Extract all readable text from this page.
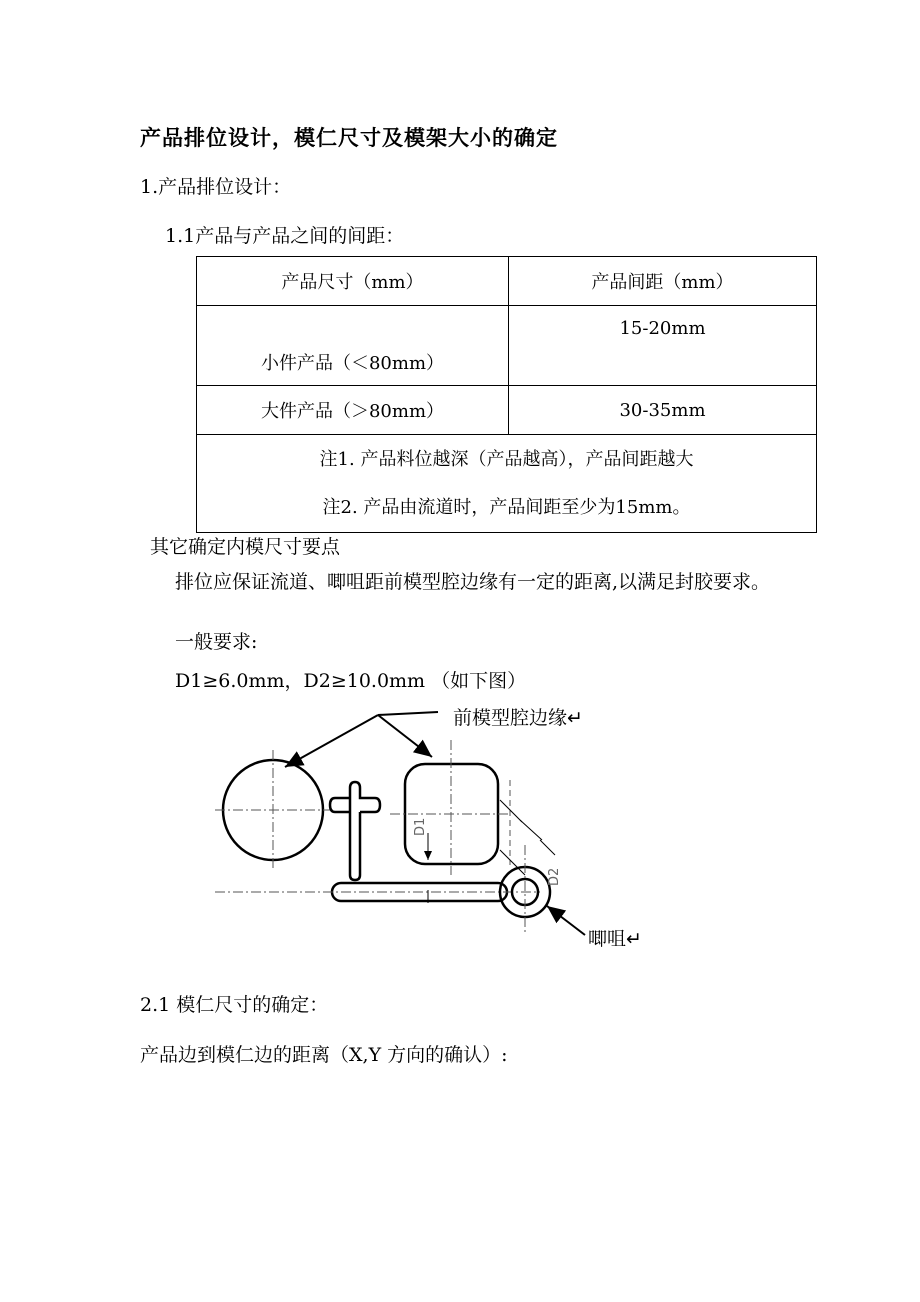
产品排位设计，模仁尺寸及模架大小的确定
1.产品排位设计：
1.1产品与产品之间的间距：
产品尺寸（mm）	产品间距（mm）
小件产品（＜80mm）	15-20mm
大件产品（＞80mm）	30-35mm

注1. 产品料位越深（产品越高），产品间距越大
注2. 产品由流道时，产品间距至少为15mm。	
其它确定内模尺寸要点
排位应保证流道、唧咀距前模型腔边缘有一定的距离,以满足封胶要求。
一般要求:
D1≥6.0mm，D2≥10.0mm （如下图）
D1
D2
前模型腔边缘↵
唧咀↵
2.1 模仁尺寸的确定：
产品边到模仁边的距离（X,Y 方向的确认）:
